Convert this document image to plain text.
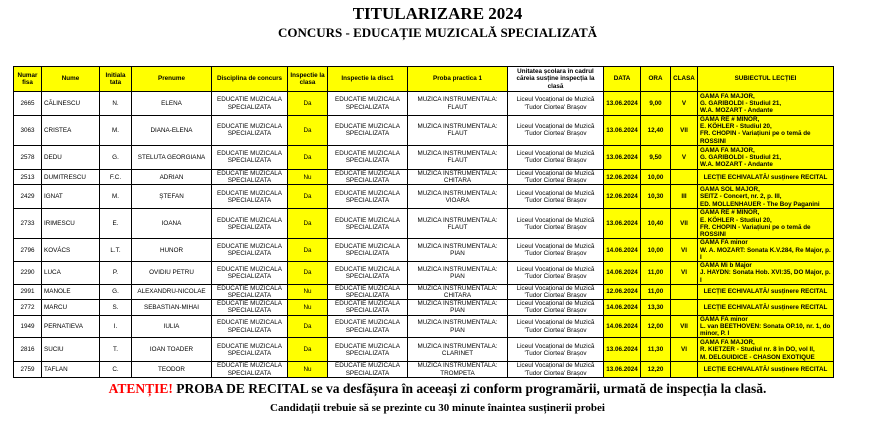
TITULARIZARE 2024
CONCURS - EDUCAȚIE MUZICALĂ SPECIALIZATĂ
Numar fisa	Nume	Initiala tata	Prenume	Disciplina de concurs	Inspectie la clasa	Inspectie la disc1	Proba practica 1	Unitatea școlara în cadrul căreia susține inspecția la clasă	DATA	ORA	CLASA	SUBIECTUL LECȚIEI
2665	CĂLINESCU	N.	ELENA	EDUCATIE MUZICALA SPECIALIZATA	Da	EDUCATIE MUZICALA SPECIALIZATA	MUZICA INSTRUMENTALA: FLAUT	Liceul Vocațional de Muzică 'Tudor Ciortea' Brașov	13.06.2024	9,00	V	GAMA FA MAJOR,
G. GARIBOLDI - Studiul 21,
W.A. MOZART - Andante

3063	CRISTEA	M.	DIANA-ELENA	EDUCATIE MUZICALA SPECIALIZATA	Da	EDUCATIE MUZICALA SPECIALIZATA	MUZICA INSTRUMENTALA: FLAUT	Liceul Vocațional de Muzică 'Tudor Ciortea' Brașov	13.06.2024	12,40	VII	GAMA RE # MINOR,
E. KÖHLER - Studiul 20,
FR. CHOPIN - Variațiuni pe o temă de ROSSINI

2578	DEDU	G.	STELUTA GEORGIANA	EDUCATIE MUZICALA SPECIALIZATA	Da	EDUCATIE MUZICALA SPECIALIZATA	MUZICA INSTRUMENTALA: FLAUT	Liceul Vocațional de Muzică 'Tudor Ciortea' Brașov	13.06.2024	9,50	V	GAMA FA MAJOR,
G. GARIBOLDI - Studiul 21,
W.A. MOZART - Andante

2513	DUMITRESCU	F.C.	ADRIAN	EDUCATIE MUZICALA SPECIALIZATA	Nu	EDUCATIE MUZICALA SPECIALIZATA	MUZICA INSTRUMENTALA: CHITARA	Liceul Vocațional de Muzică 'Tudor Ciortea' Brașov	12.06.2024	10,00		LECȚIE ECHIVALATĂ/ susținere RECITAL

2429	IGNAT	M.	ȘTEFAN	EDUCATIE MUZICALA SPECIALIZATA	Da	EDUCATIE MUZICALA SPECIALIZATA	MUZICA INSTRUMENTALA: VIOARA	Liceul Vocațional de Muzică 'Tudor Ciortea' Brașov	12.06.2024	10,30	III	GAMA SOL MAJOR,
SEITZ - Concert, nr. 2, p. III,
ED. MOLLENHAUER - The Boy Paganini

2733	IRIMESCU	E.	IOANA	EDUCATIE MUZICALA SPECIALIZATA	Da	EDUCATIE MUZICALA SPECIALIZATA	MUZICA INSTRUMENTALA: FLAUT	Liceul Vocațional de Muzică 'Tudor Ciortea' Brașov	13.06.2024	10,40	VII	GAMA RE # MINOR,
E. KÖHLER - Studiul 20,
FR. CHOPIN - Variațiuni pe o temă de ROSSINI

2796	KOVÁCS	L.T.	HUNOR	EDUCATIE MUZICALA SPECIALIZATA	Da	EDUCATIE MUZICALA SPECIALIZATA	MUZICA INSTRUMENTALA: PIAN	Liceul Vocațional de Muzică 'Tudor Ciortea' Brașov	14.06.2024	10,00	VI	GAMA FA minor
W. A. MOZART: Sonata K.V.284, Re Major, p. I

2290	LUCA	P.	OVIDIU PETRU	EDUCATIE MUZICALA SPECIALIZATA	Da	EDUCATIE MUZICALA SPECIALIZATA	MUZICA INSTRUMENTALA: PIAN	Liceul Vocațional de Muzică 'Tudor Ciortea' Brașov	14.06.2024	11,00	VI	GAMA Mi b Major
J. HAYDN: Sonata Hob. XVI:35, DO Major, p. I

2991	MANOLE	G.	ALEXANDRU-NICOLAE	EDUCATIE MUZICALA SPECIALIZATA	Nu	EDUCATIE MUZICALA SPECIALIZATA	MUZICA INSTRUMENTALA: CHITARA	Liceul Vocațional de Muzică 'Tudor Ciortea' Brașov	12.06.2024	11,00		LECȚIE ECHIVALATĂ/ susținere RECITAL

2772	MARCU	S.	SEBASTIAN-MIHAI	EDUCATIE MUZICALA SPECIALIZATA	Nu	EDUCATIE MUZICALA SPECIALIZATA	MUZICA INSTRUMENTALA: PIAN	Liceul Vocațional de Muzică 'Tudor Ciortea' Brașov	14.06.2024	13,30		LECȚIE ECHIVALATĂ/ susținere RECITAL

1949	PERNATIEVA	I.	IULIA	EDUCATIE MUZICALA SPECIALIZATA	Da	EDUCATIE MUZICALA SPECIALIZATA	MUZICA INSTRUMENTALA: PIAN	Liceul Vocațional de Muzică 'Tudor Ciortea' Brașov	14.06.2024	12,00	VII	GAMA FA minor
L. van BEETHOVEN: Sonata OP.10, nr. 1, do minor, P. I

2816	SUCIU	T.	IOAN TOADER	EDUCATIE MUZICALA SPECIALIZATA	Da	EDUCATIE MUZICALA SPECIALIZATA	MUZICA INSTRUMENTALA: CLARINET	Liceul Vocațional de Muzică 'Tudor Ciortea' Brașov	13.06.2024	11,30	VI	GAMA FA MAJOR,
R. KIETZER - Studiul nr. 8 în DO, vol II,
M. DELGUIDICE - CHASON EXOTIQUE

2759	TAFLAN	C.	TEODOR	EDUCATIE MUZICALA SPECIALIZATA	Nu	EDUCATIE MUZICALA SPECIALIZATA	MUZICA INSTRUMENTALA: TROMPETA	Liceul Vocațional de Muzică 'Tudor Ciortea' Brașov	13.06.2024	12,20		LECȚIE ECHIVALATĂ/ susținere RECITAL
ATENȚIE! PROBA DE RECITAL se va desfășura în aceeași zi conform programării, urmată de inspecția la clasă.
Candidații trebuie să se prezinte cu 30 minute înaintea susținerii probei
